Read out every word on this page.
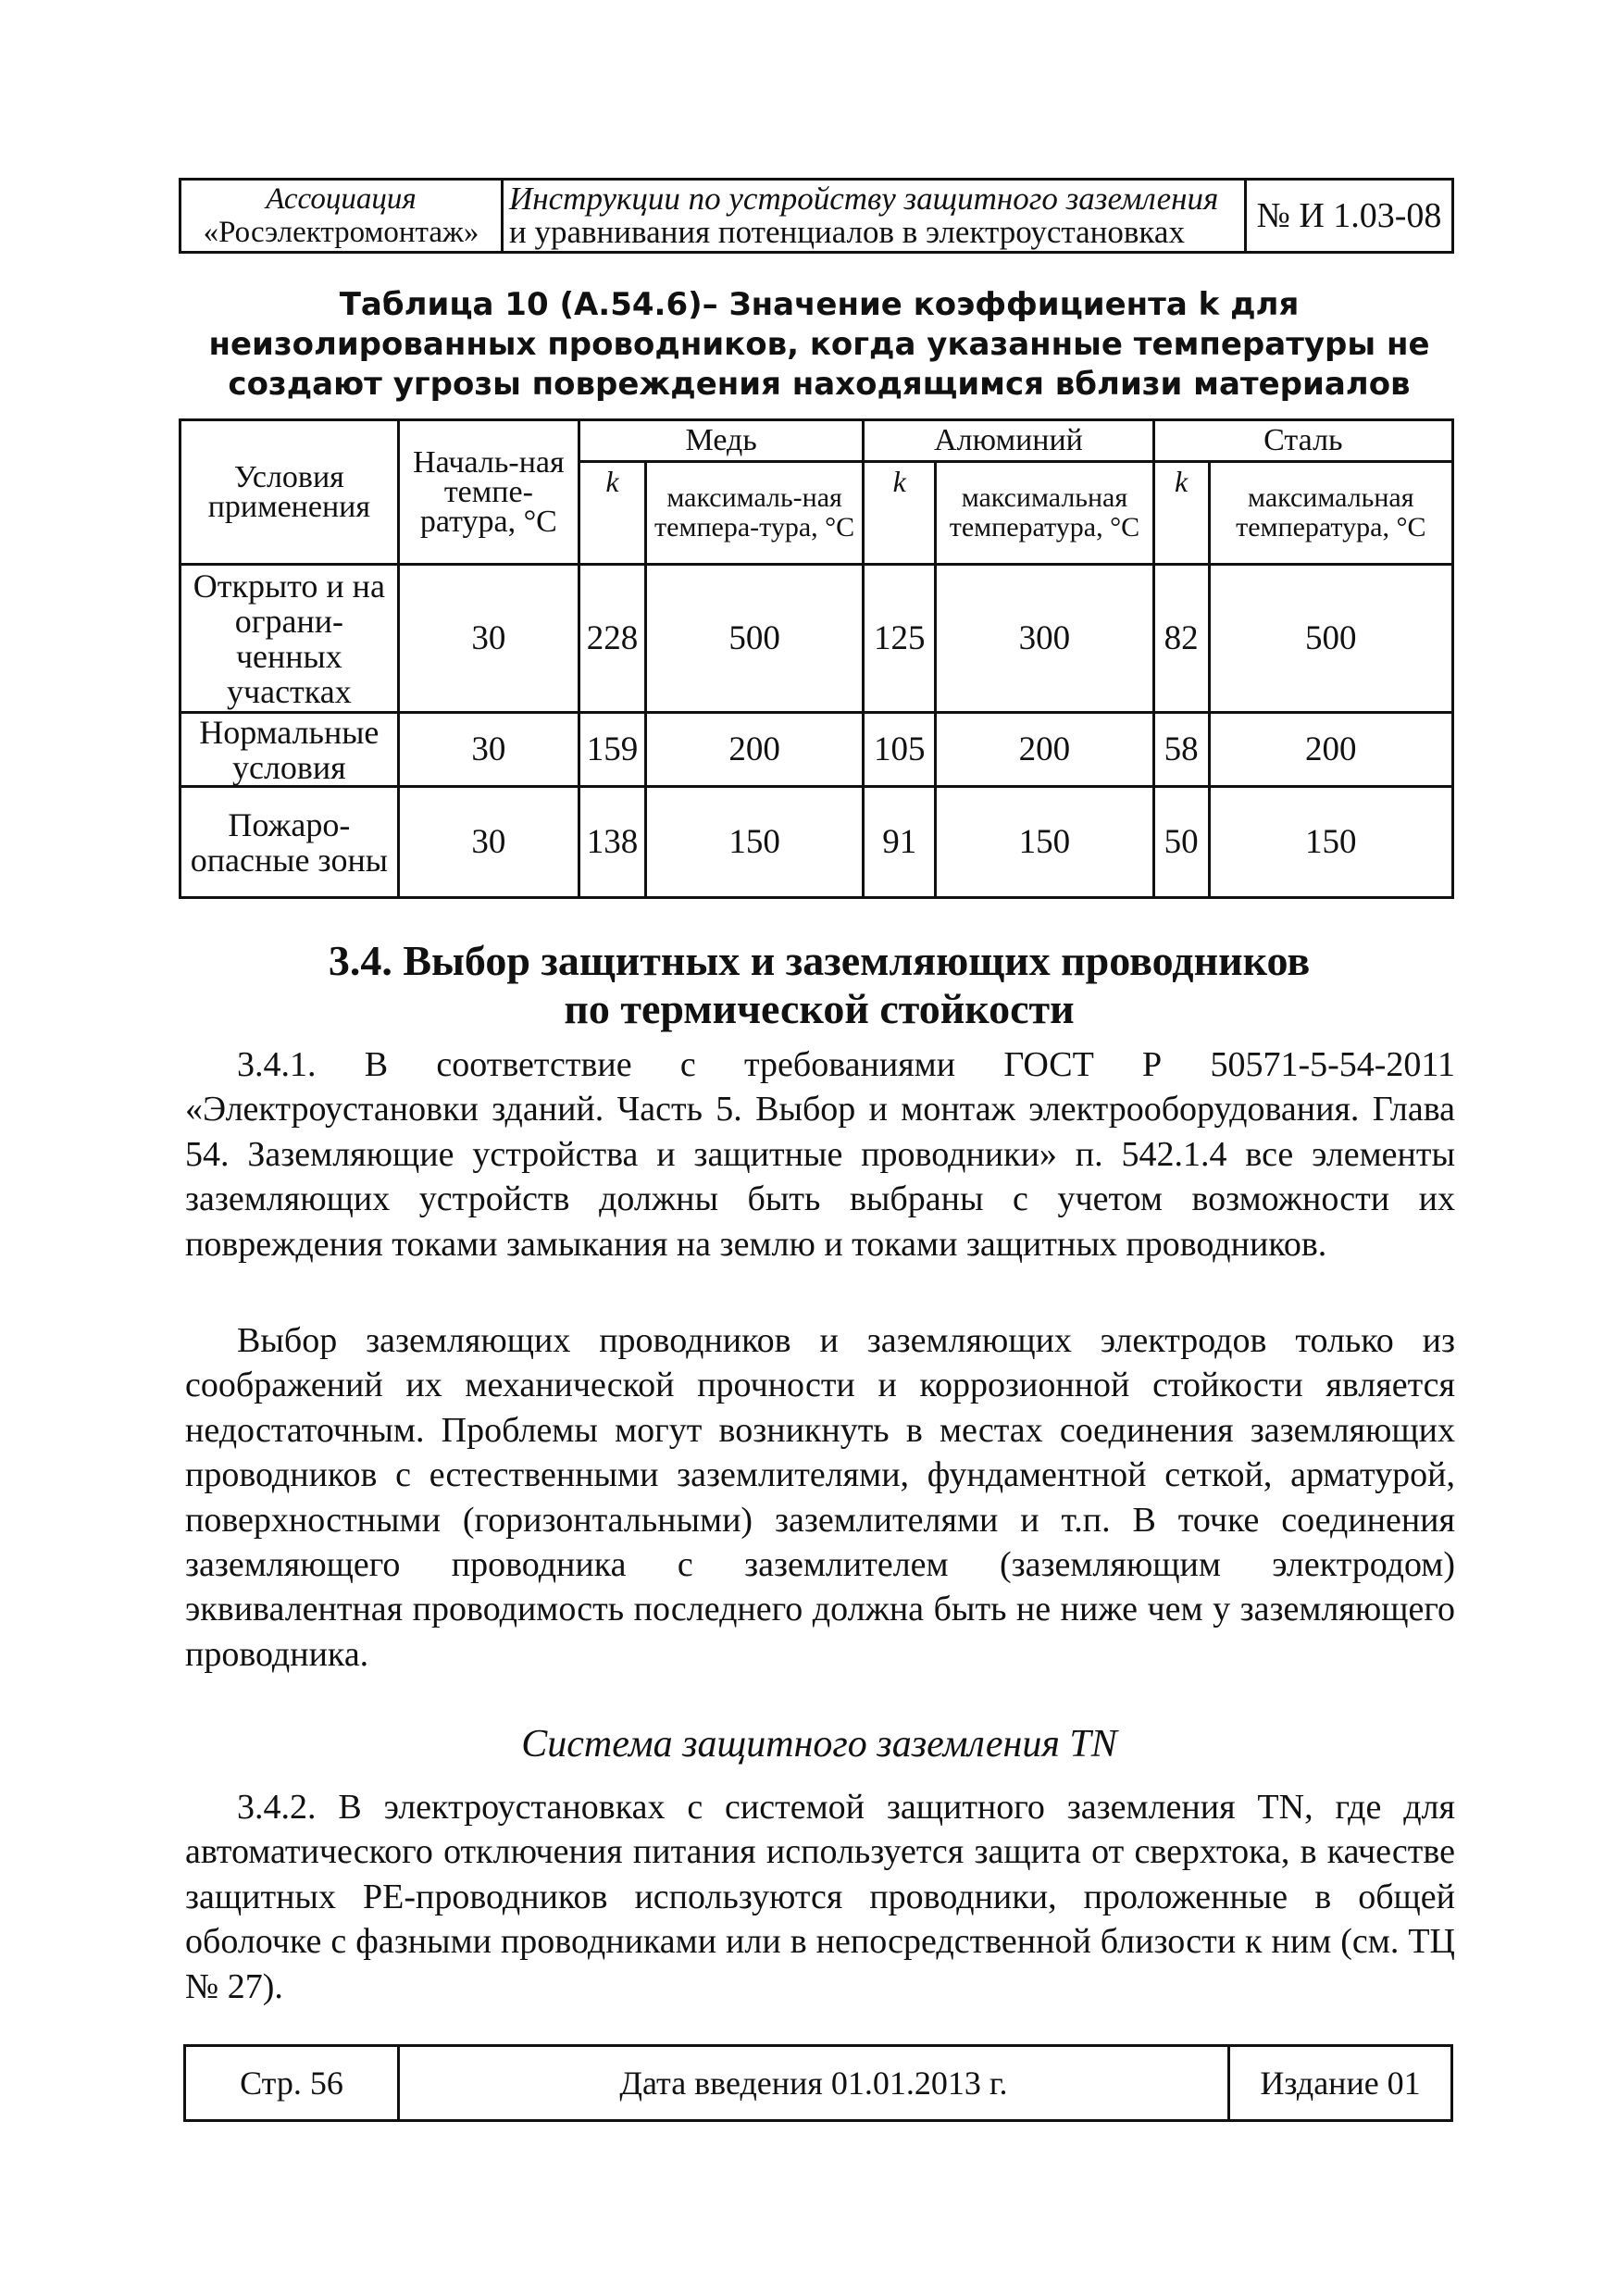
Ассоциация
«Росэлектромонтаж»

Инструкции по устройству защитного заземления
и уравнивания потенциалов в электроустановках	№ И 1.03-08
Таблица 10 (А.54.6)– Значение коэффициента k для неизолированных проводников, когда указанные температуры не создают угрозы повреждения находящимся вблизи материалов
Условия применения	Началь-ная темпе-ратура, °С	Медь		Алюминий		Сталь	
		k	максималь-ная темпера-тура, °С	k	максимальная температура, °С	k	максимальная температура, °С
Открыто и на ограни-ченных участках	30	228	500	125	300	82	500
Нормальные условия	30	159	200	105	200	58	200
Пожаро-опасные зоны	30	138	150	91	150	50	150
3.4. Выбор защитных и заземляющих проводников
по термической стойкости

3.4.1. В соответствие с требованиями ГОСТ Р 50571-5-54-2011 «Электроустановки зданий. Часть 5. Выбор и монтаж электрооборудования. Глава 54. Заземляющие устройства и защитные проводники» п. 542.1.4 все элементы заземляющих устройств должны быть выбраны с учетом возможности их повреждения токами замыкания на землю и токами защитных проводников.

Выбор заземляющих проводников и заземляющих электродов только из соображений их механической прочности и коррозионной стойкости является недостаточным. Проблемы могут возникнуть в местах соединения заземляющих проводников с естественными заземлителями, фундаментной сеткой, арматурой, поверхностными (горизонтальными) заземлителями и т.п. В точке соединения заземляющего проводника с заземлителем (заземляющим электродом) эквивалентная проводимость последнего должна быть не ниже чем у заземляющего проводника.

Система защитного заземления TN

3.4.2. В электроустановках с системой защитного заземления TN, где для автоматического отключения питания используется защита от сверхтока, в качестве защитных РЕ-проводников используются проводники, проложенные в общей оболочке с фазными проводниками или в непосредственной близости к ним (см. ТЦ № 27).

Стр. 56	Дата введения 01.01.2013 г.	Издание 01
